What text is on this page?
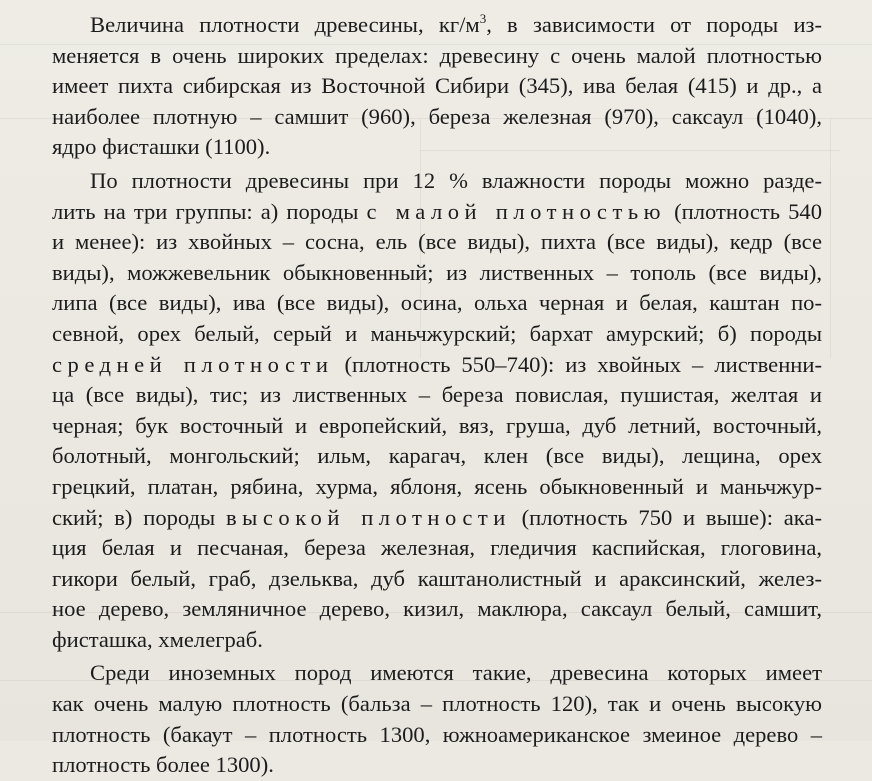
Величина плотности древесины, $кг/м^3$, в зависимости от породы из-
меняется в очень широких пределах: древесину с очень малой плотностью
имеет пихта сибирская из Восточной Сибири (345), ива белая (415) и др., а
наиболее плотную – самшит (960), береза железная (970), саксаул (1040),
ядро фисташки (1100).
По плотности древесины при 12 % влажности породы можно разде-
лить на три группы: а) породы с малой плотностью (плотность 540
и менее): из хвойных – сосна, ель (все виды), пихта (все виды), кедр (все
виды), можжевельник обыкновенный; из лиственных – тополь (все виды),
липа (все виды), ива (все виды), осина, ольха черная и белая, каштан по-
севной, орех белый, серый и маньчжурский; бархат амурский; б) породы
средней плотности (плотность 550–740): из хвойных – лиственни-
ца (все виды), тис; из лиственных – береза повислая, пушистая, желтая и
черная; бук восточный и европейский, вяз, груша, дуб летний, восточный,
болотный, монгольский; ильм, карагач, клен (все виды), лещина, орех
грецкий, платан, рябина, хурма, яблоня, ясень обыкновенный и маньчжур-
ский; в) породы высокой плотности (плотность 750 и выше): ака-
ция белая и песчаная, береза железная, гледичия каспийская, глоговина,
гикори белый, граб, дзельква, дуб каштанолистный и араксинский, желез-
ное дерево, земляничное дерево, кизил, маклюра, саксаул белый, самшит,
фисташка, хмелеграб.
Среди иноземных пород имеются такие, древесина которых имеет
как очень малую плотность (бальза – плотность 120), так и очень высокую
плотность (бакаут – плотность 1300, южноамериканское змеиное дерево –
плотность более 1300).
